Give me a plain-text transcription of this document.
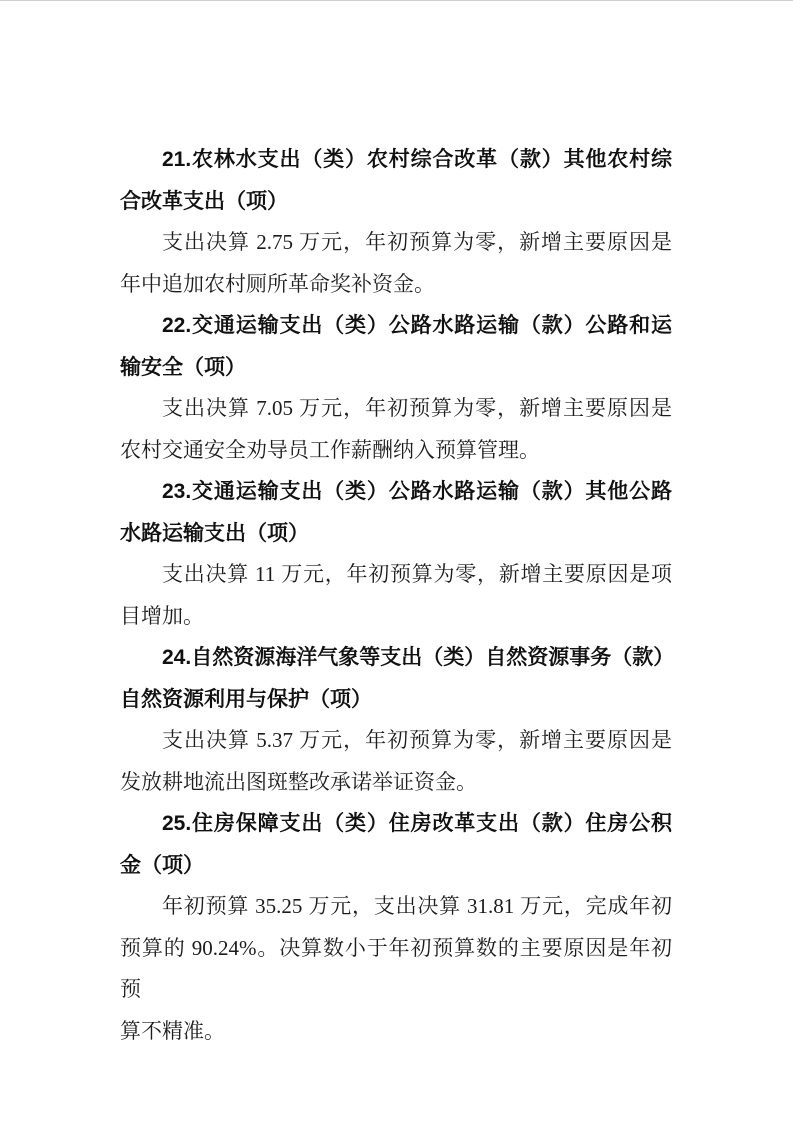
21.农林水支出（类）农村综合改革（款）其他农村综
合改革支出（项）
支出决算 2.75 万元，年初预算为零，新增主要原因是
年中追加农村厕所革命奖补资金。
22.交通运输支出（类）公路水路运输（款）公路和运
输安全（项）
支出决算 7.05 万元，年初预算为零，新增主要原因是
农村交通安全劝导员工作薪酬纳入预算管理。
23.交通运输支出（类）公路水路运输（款）其他公路
水路运输支出（项）
支出决算 11 万元，年初预算为零，新增主要原因是项
目增加。
24.自然资源海洋气象等支出（类）自然资源事务（款）
自然资源利用与保护（项）
支出决算 5.37 万元，年初预算为零，新增主要原因是
发放耕地流出图斑整改承诺举证资金。
25.住房保障支出（类）住房改革支出（款）住房公积
金（项）
年初预算 35.25 万元，支出决算 31.81 万元，完成年初
预算的 90.24%。决算数小于年初预算数的主要原因是年初预
算不精准。
